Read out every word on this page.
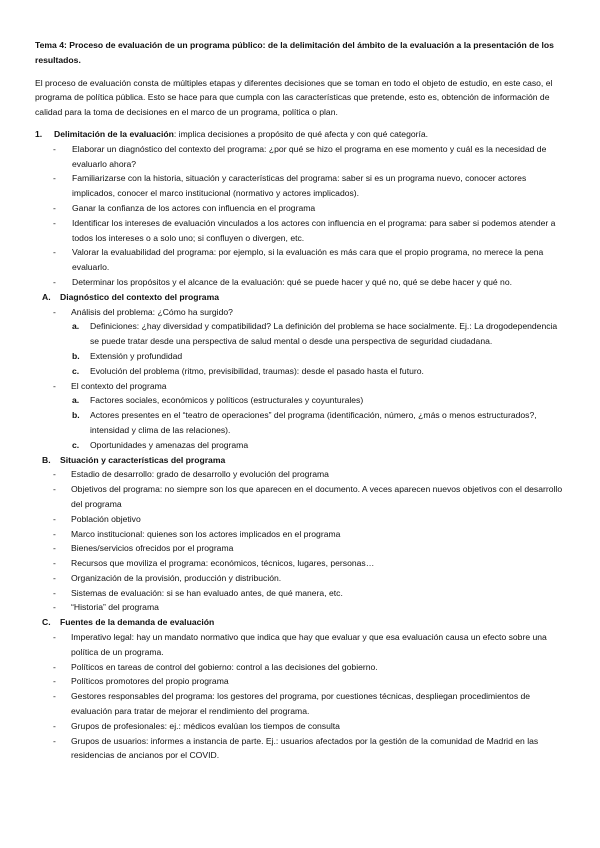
Tema 4: Proceso de evaluación de un programa público: de la delimitación del ámbito de la evaluación a la presentación de los resultados.

El proceso de evaluación consta de múltiples etapas y diferentes decisiones que se toman en todo el objeto de estudio, en este caso, el programa de política pública. Esto se hace para que cumpla con las características que pretende, esto es, obtención de información de calidad para la toma de decisiones en el marco de un programa, política o plan.

1. Delimitación de la evaluación: implica decisiones a propósito de qué afecta y con qué categoría.
- Elaborar un diagnóstico del contexto del programa: ¿por qué se hizo el programa en ese momento y cuál es la necesidad de evaluarlo ahora?
- Familiarizarse con la historia, situación y características del programa: saber si es un programa nuevo, conocer actores implicados, conocer el marco institucional (normativo y actores implicados).
- Ganar la confianza de los actores con influencia en el programa
- Identificar los intereses de evaluación vinculados a los actores con influencia en el programa: para saber si podemos atender a todos los intereses o a solo uno; si confluyen o divergen, etc.
- Valorar la evaluabilidad del programa: por ejemplo, si la evaluación es más cara que el propio programa, no merece la pena evaluarlo.
- Determinar los propósitos y el alcance de la evaluación: qué se puede hacer y qué no, qué se debe hacer y qué no.
A. Diagnóstico del contexto del programa
- Análisis del problema: ¿Cómo ha surgido?
a. Definiciones: ¿hay diversidad y compatibilidad? La definición del problema se hace socialmente. Ej.: La drogodependencia se puede tratar desde una perspectiva de salud mental o desde una perspectiva de seguridad ciudadana.
b. Extensión y profundidad
c. Evolución del problema (ritmo, previsibilidad, traumas): desde el pasado hasta el futuro.
- El contexto del programa
a. Factores sociales, económicos y políticos (estructurales y coyunturales)
b. Actores presentes en el “teatro de operaciones” del programa (identificación, número, ¿más o menos estructurados?, intensidad y clima de las relaciones).
c. Oportunidades y amenazas del programa
B. Situación y características del programa
- Estadio de desarrollo: grado de desarrollo y evolución del programa
- Objetivos del programa: no siempre son los que aparecen en el documento. A veces aparecen nuevos objetivos con el desarrollo del programa
- Población objetivo
- Marco institucional: quienes son los actores implicados en el programa
- Bienes/servicios ofrecidos por el programa
- Recursos que moviliza el programa: económicos, técnicos, lugares, personas…
- Organización de la provisión, producción y distribución.
- Sistemas de evaluación: si se han evaluado antes, de qué manera, etc.
- “Historia” del programa
C. Fuentes de la demanda de evaluación
- Imperativo legal: hay un mandato normativo que indica que hay que evaluar y que esa evaluación causa un efecto sobre una política de un programa.
- Políticos en tareas de control del gobierno: control a las decisiones del gobierno.
- Políticos promotores del propio programa
- Gestores responsables del programa: los gestores del programa, por cuestiones técnicas, despliegan procedimientos de evaluación para tratar de mejorar el rendimiento del programa.
- Grupos de profesionales: ej.: médicos evalúan los tiempos de consulta
- Grupos de usuarios: informes a instancia de parte. Ej.: usuarios afectados por la gestión de la comunidad de Madrid en las residencias de ancianos por el COVID.
